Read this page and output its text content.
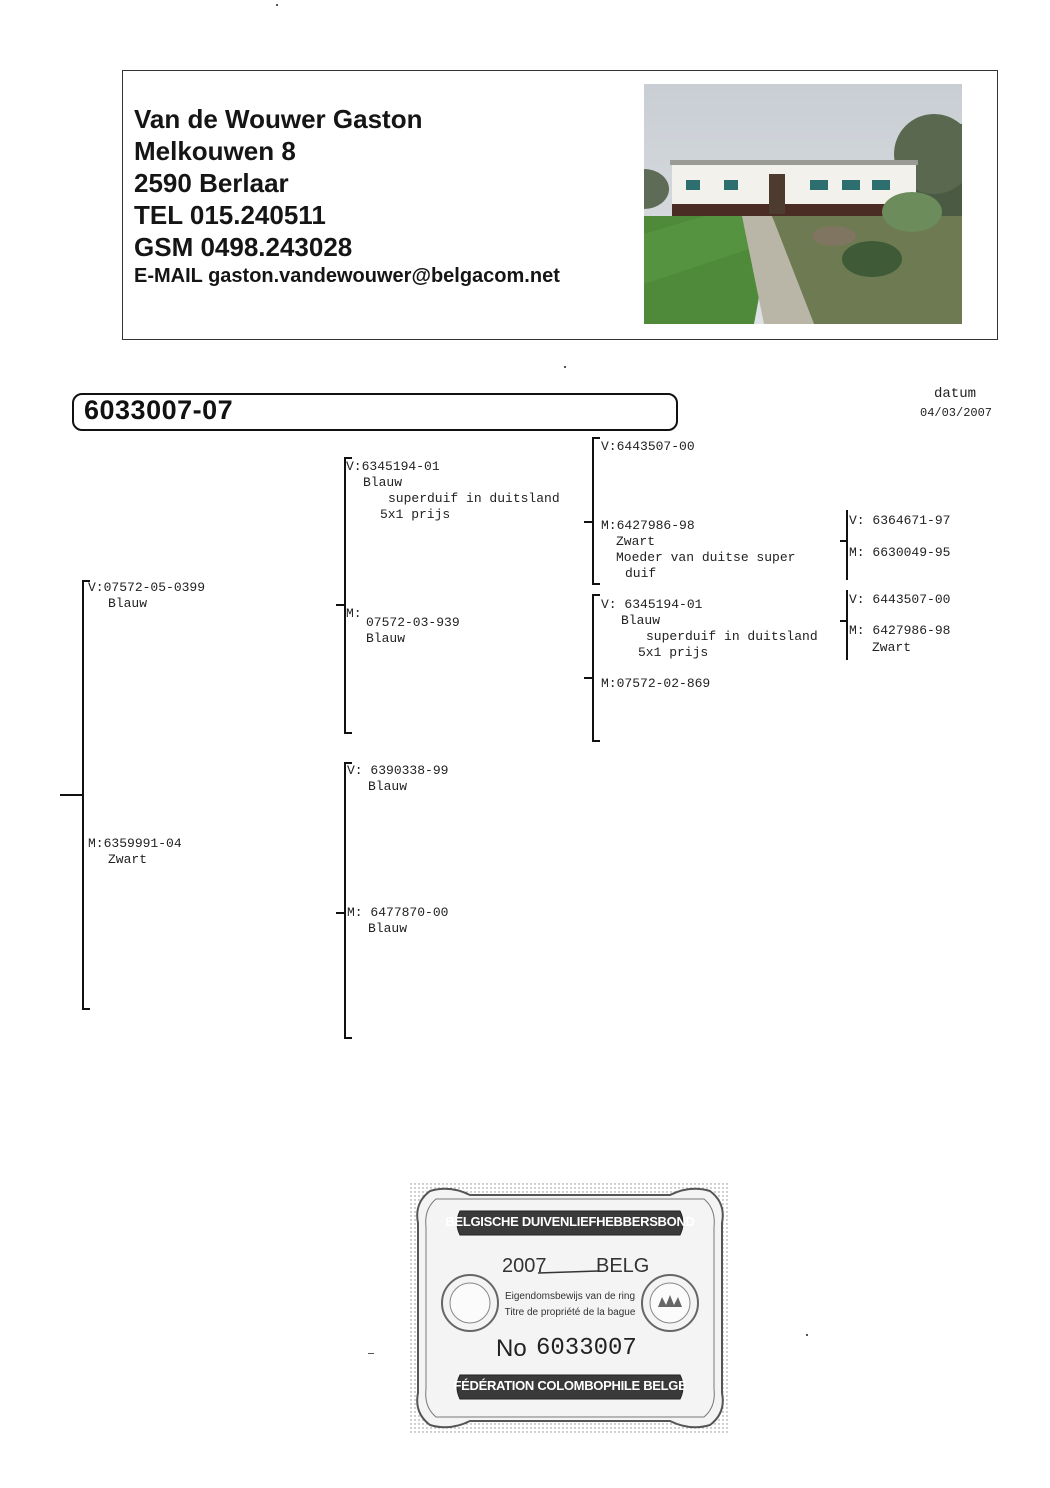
Van de Wouwer Gaston
Melkouwen 8
2590 Berlaar
TEL 015.240511
GSM 0498.243028
E-MAIL gaston.vandewouwer@belgacom.net
6033007-07
datum
04/03/2007
V:07572-05-0399
Blauw
M:6359991-04
Zwart
V:6345194-01
Blauw
superduif in duitsland
5x1 prijs
M:
07572-03-939
Blauw
V: 6390338-99
Blauw
M: 6477870-00
Blauw
V:6443507-00
M:6427986-98
Zwart
Moeder van duitse super
duif
V: 6345194-01
Blauw
superduif in duitsland
5x1 prijs
M:07572-02-869
V: 6364671-97
M: 6630049-95
V: 6443507-00
M: 6427986-98
Zwart
BELGISCHE DUIVENLIEFHEBBERSBOND
2007 BELG
Eigendomsbewijs van de ring
Titre de propriété de la bague
No 6033007
FÉDÉRATION COLOMBOPHILE BELGE
